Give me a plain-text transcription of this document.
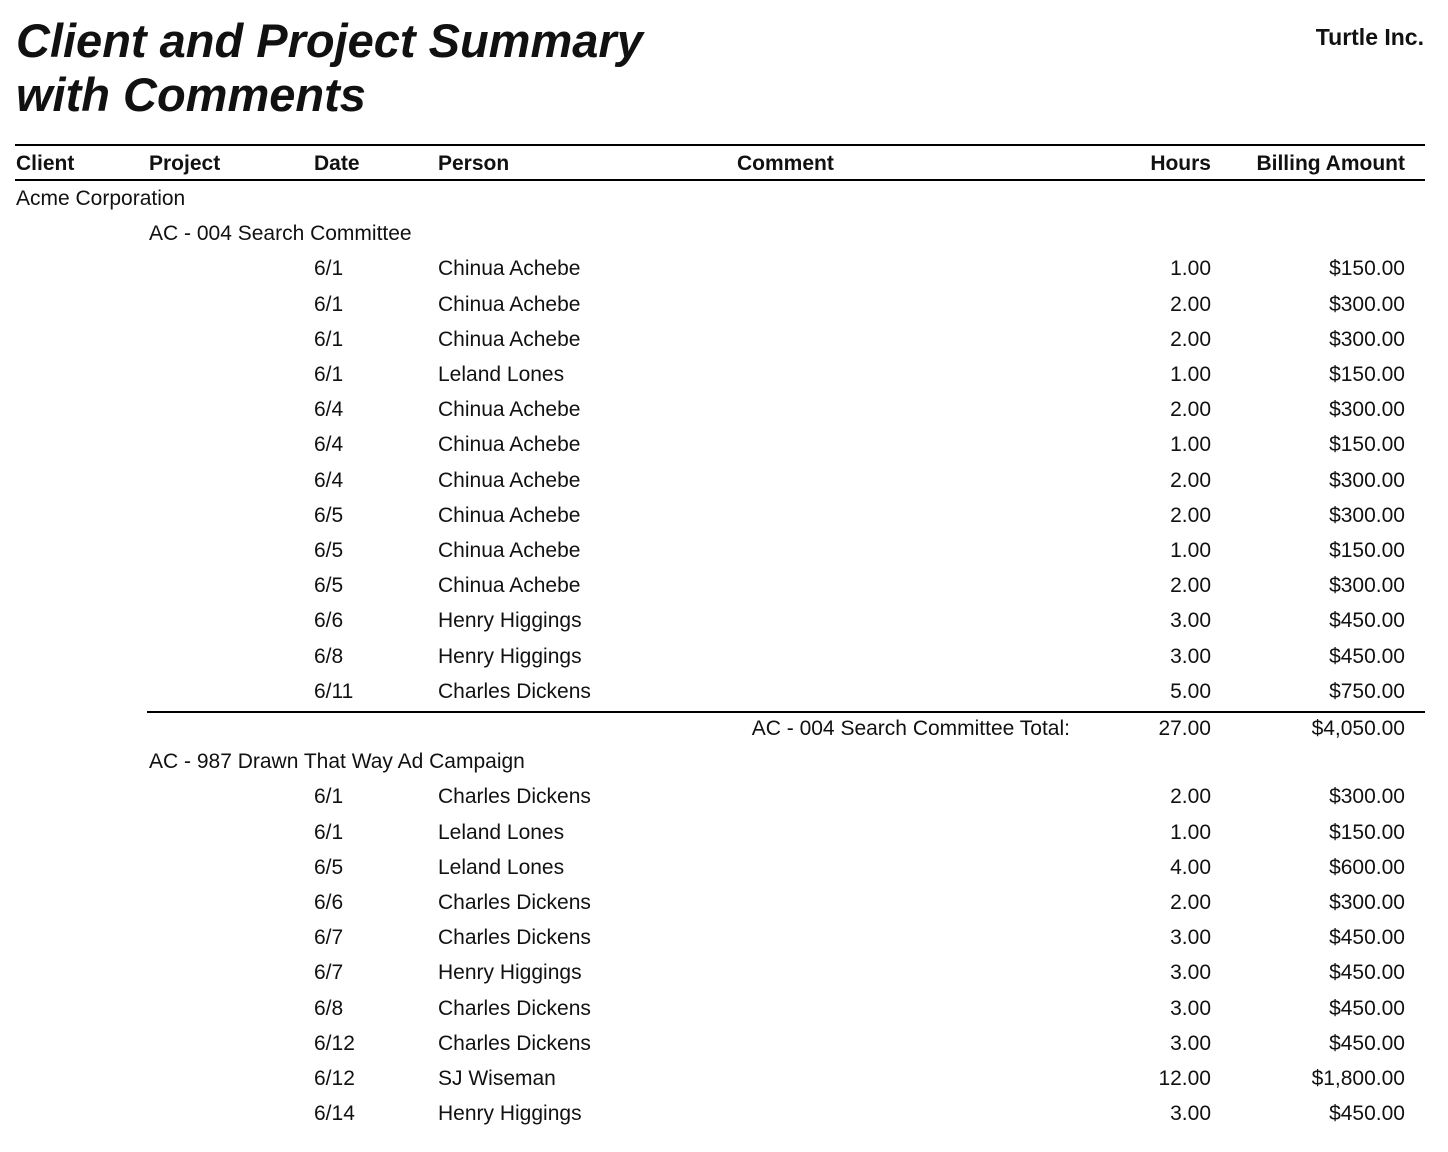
Client and Project Summary
with Comments
Turtle Inc.
Client	Project	Date	Person	Comment	Hours Billing Amount
Acme Corporation
AC - 004 Search Committee
6/1	Chinua Achebe	1.00	$150.00
6/1	Chinua Achebe	2.00	$300.00
6/1	Chinua Achebe	2.00	$300.00
6/1	Leland Lones	1.00	$150.00
6/4	Chinua Achebe	2.00	$300.00
6/4	Chinua Achebe	1.00	$150.00
6/4	Chinua Achebe	2.00	$300.00
6/5	Chinua Achebe	2.00	$300.00
6/5	Chinua Achebe	1.00	$150.00
6/5	Chinua Achebe	2.00	$300.00
6/6	Henry Higgings	3.00	$450.00
6/8	Henry Higgings	3.00	$450.00
6/11	Charles Dickens	5.00	$750.00
AC - 004 Search Committee Total:	27.00	$4,050.00
AC - 987 Drawn That Way Ad Campaign
6/1	Charles Dickens	2.00	$300.00
6/1	Leland Lones	1.00	$150.00
6/5	Leland Lones	4.00	$600.00
6/6	Charles Dickens	2.00	$300.00
6/7	Charles Dickens	3.00	$450.00
6/7	Henry Higgings	3.00	$450.00
6/8	Charles Dickens	3.00	$450.00
6/12	Charles Dickens	3.00	$450.00
6/12	SJ Wiseman	12.00	$1,800.00
6/14	Henry Higgings	3.00	$450.00
